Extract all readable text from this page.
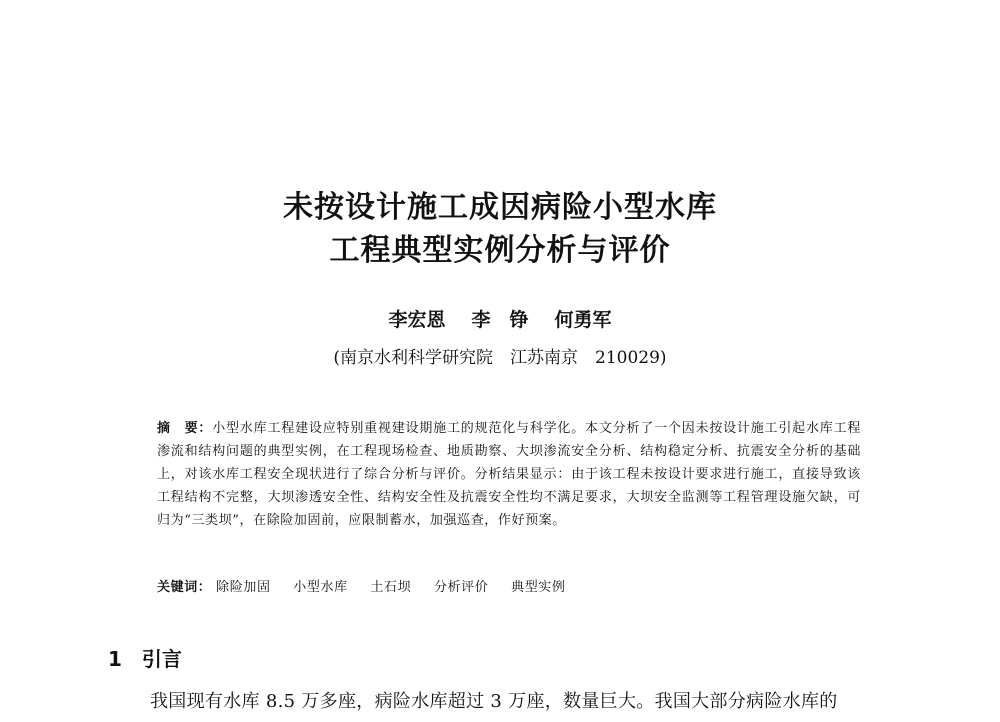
未按设计施工成因病险小型水库
工程典型实例分析与评价
李宏恩 李　铮 何勇军
(南京水利科学研究院　江苏南京　210029)

摘　要：小型水库工程建设应特别重视建设期施工的规范化与科学化。本文分析了一个因未按设计施工引起水库工程渗流和结构问题的典型实例，在工程现场检查、地质勘察、大坝渗流安全分析、结构稳定分析、抗震安全分析的基础上，对该水库工程安全现状进行了综合分析与评价。分析结果显示：由于该工程未按设计要求进行施工，直接导致该工程结构不完整，大坝渗透安全性、结构安全性及抗震安全性均不满足要求，大坝安全监测等工程管理设施欠缺，可归为“三类坝”，在除险加固前，应限制蓄水，加强巡查，作好预案。

关键词： 除险加固 小型水库 土石坝 分析评价 典型实例
1 引言
我国现有水库 8.5 万多座，病险水库超过 3 万座，数量巨大。我国大部分病险水库的
